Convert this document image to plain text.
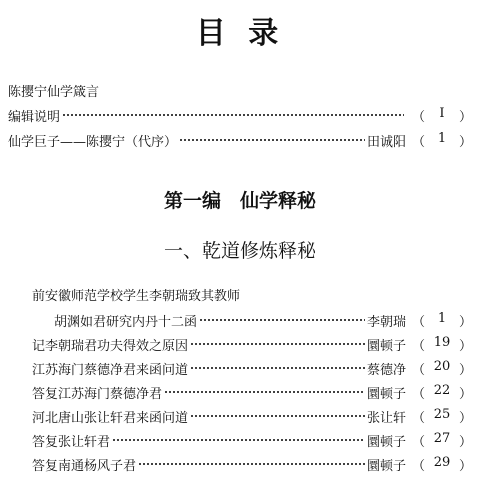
目 录
陈撄宁仙学箴言
编辑说明	（	Ⅰ	）
仙学巨子——陈撄宁（代序）	田诚阳 （ 1 ）
第一编　仙学释秘
一、乾道修炼释秘
前安徽师范学校学生李朝瑞致其教师
胡渊如君研究内丹十二函	李朝瑞 （ 1 ）
记李朝瑞君功夫得效之原因	圜顿子 （ 19 ）
江苏海门蔡德净君来函问道	蔡德净 （ 20 ）
答复江苏海门蔡德净君	圜顿子 （ 22 ）
河北唐山张让轩君来函问道	张让轩 （ 25 ）
答复张让轩君	圜顿子 （ 27 ）
答复南通杨风子君	圜顿子 （ 29 ）
